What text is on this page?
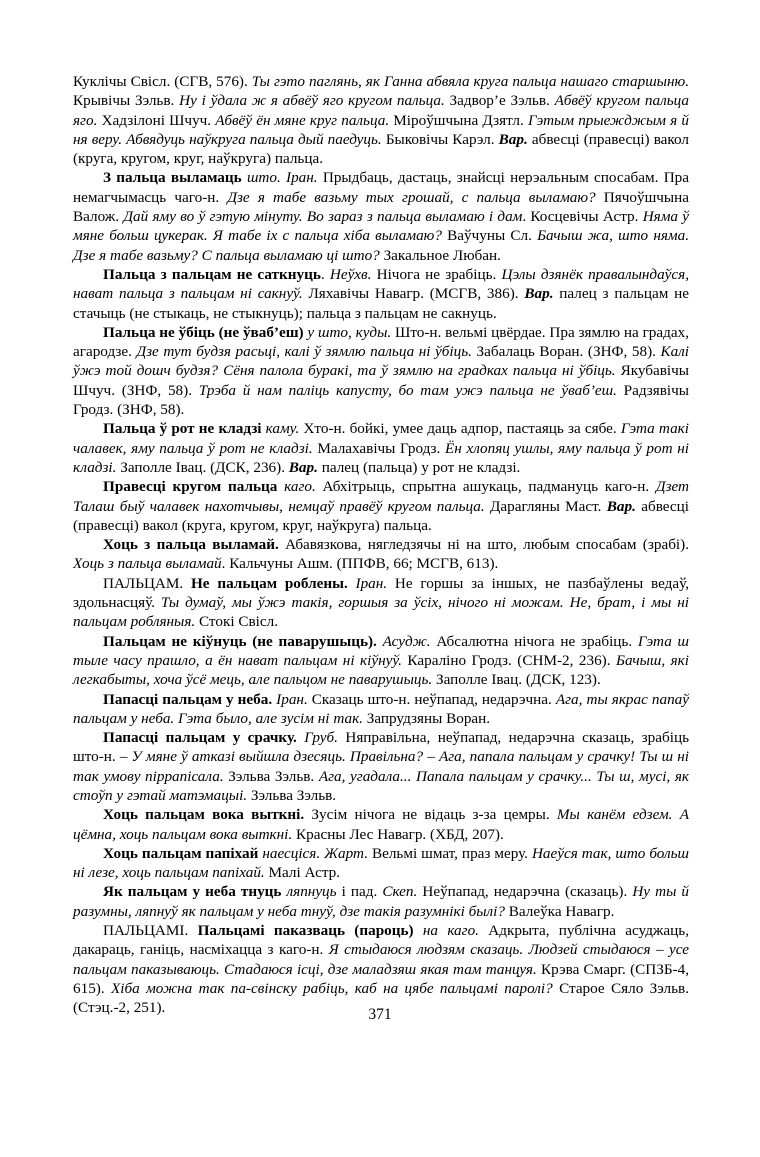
Куклічы Свісл. (СГВ, 576). Ты гэто паглянь, як Ганна абвяла круга пальца нашаго старшыню. Крывічы Зэльв. Ну і ўдала ж я абвёў яго кругом пальца. Задвор’е Зэльв. Абвёў кругом пальца яго. Хадзілоні Шчуч. Абвёў ён мяне круг пальца. Міроўшчына Дзятл. Гэтым прыежджым я й ня веру. Абвядуць наўкруга пальца дый паедуць. Быковічы Карэл. Вар. абвесці (правесці) вакол (круга, кругом, круг, наўкруга) пальца.

З пальца выламаць што. Іран. Прыдбаць, дастаць, знайсці нерэальным спосабам. Пра немагчымасць чаго-н. Дзе я табе вазьму тых грошай, с пальца выламаю? Пячоўшчына Валож. Дай яму во ў гэтую мінуту. Во зараз з пальца выламаю і дам. Косцевічы Астр. Няма ў мяне больш цукерак. Я табе іх с пальца хіба выламаю? Ваўчуны Сл. Бачыш жа, што няма. Дзе я табе вазьму? С пальца выламаю ці што? Закальное Любан.

Пальца з пальцам не саткнуць. Неўхв. Нічога не зрабіць. Цэлы дзянёк правалындаўся, нават пальца з пальцам ні сакнуў. Ляхавічы Навагр. (МСГВ, 386). Вар. палец з пальцам не стачыць (не стыкаць, не стыкнуць); пальца з пальцам не сакнуць.

Пальца не ўбіць (не ўваб’еш) у што, куды. Што-н. вельмі цвёрдае. Пра зямлю на градах, агародзе. Дзе тут будзя расьці, калі ў зямлю пальца ні ўбіць. Забалаць Воран. (ЗНФ, 58). Калі ўжэ той дошч будзя? Сёня палола буракі, та ў зямлю на градках пальца ні ўбіць. Якубавічы Шчуч. (ЗНФ, 58). Трэба й нам паліць капусту, бо там ужэ пальца не ўваб’еш. Радзявічы Гродз. (ЗНФ, 58).

Пальца ў рот не кладзі каму. Хто-н. бойкі, умее даць адпор, пастаяць за сябе. Гэта такі чалавек, яму пальца ў рот не кладзі. Малахавічы Гродз. Ён хлопяц ушлы, яму пальца ў рот ні кладзі. Заполле Івац. (ДСК, 236). Вар. палец (пальца) у рот не кладзі.

Правесці кругом пальца каго. Абхітрыць, спрытна ашукаць, падмануць каго-н. Дзет Талаш быў чалавек нахотчывы, немцаў правёў кругом пальца. Дарагляны Маст. Вар. абвесці (правесці) вакол (круга, кругом, круг, наўкруга) пальца.

Хоць з пальца выламай. Абавязкова, нягледзячы ні на што, любым спосабам (зрабі). Хоць з пальца выламай. Кальчуны Ашм. (ППФВ, 66; МСГВ, 613).

ПАЛЬЦАМ. Не пальцам роблены. Іран. Не горшы за іншых, не пазбаўлены ведаў, здольнасцяў. Ты думаў, мы ўжэ такія, горшыя за ўсіх, нічого ні можам. Не, брат, і мы ні пальцам робляныя. Стокі Свісл.

Пальцам не кіўнуць (не паварушыць). Асудж. Абсалютна нічога не зрабіць. Гэта ш тыле часу прашло, а ён нават пальцам ні кіўнуў. Караліно Гродз. (СНМ-2, 236). Бачыш, які легкабыты, хоча ўсё мець, але пальцом не паварушыць. Заполле Івац. (ДСК, 123).

Папасці пальцам у неба. Іран. Сказаць што-н. неўпапад, недарэчна. Ага, ты якрас папаў пальцам у неба. Гэта было, але зусім ні так. Запрудзяны Воран.

Папасці пальцам у срачку. Груб. Няправільна, неўпапад, недарэчна сказаць, зрабіць што-н. – У мяне ў атказі выйшла дзесяць. Правільна? – Ага, папала пальцам у срачку! Ты ш ні так умову піррапісала. Зэльва Зэльв. Ага, угадала... Папала пальцам у срачку... Ты ш, мусі, як стоўп у гэтай матэмацыі. Зэльва Зэльв.

Хоць пальцам вока выткні. Зусім нічога не відаць з-за цемры. Мы канём едзем. А цёмна, хоць пальцам вока выткні. Красны Лес Навагр. (ХБД, 207).

Хоць пальцам папіхай наесціся. Жарт. Вельмі шмат, праз меру. Наеўся так, што больш ні лезе, хоць пальцам папіхай. Малі Астр.

Як пальцам у неба тнуць ляпнуць і пад. Скеп. Неўпапад, недарэчна (сказаць). Ну ты й разумны, ляпнуў як пальцам у неба тнуў, дзе такія разумнікі былі? Валеўка Навагр.

ПАЛЬЦАМІ. Пальцамі паказваць (пароць) на каго. Адкрыта, публічна асуджаць, дакараць, ганіць, насміхацца з каго-н. Я стыдаюся людзям сказаць. Людзей стыдаюся – усе пальцам паказываюць. Стадаюся ісці, дзе маладзяш якая там танцуя. Крэва Смарг. (СПЗБ-4, 615). Хіба можна так па-свінску рабіць, каб на цябе пальцамі паролі? Старое Сяло Зэльв. (Стэц.-2, 251).	371
